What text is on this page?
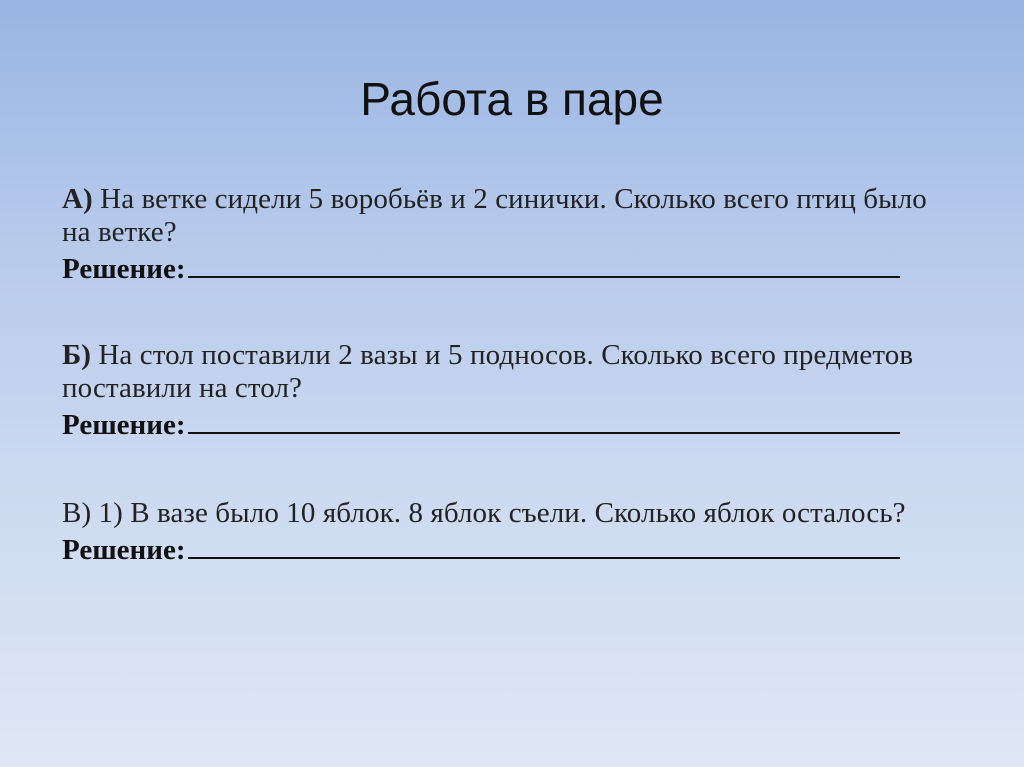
Работа в паре
А) На ветке сидели 5 воробьёв и 2 синички. Сколько всего птиц было на ветке?
Решение:
Б) На стол поставили 2 вазы и 5 подносов. Сколько всего предметов поставили на стол?
Решение:
В) 1) В вазе было 10 яблок. 8 яблок съели. Сколько яблок осталось?
Решение:
